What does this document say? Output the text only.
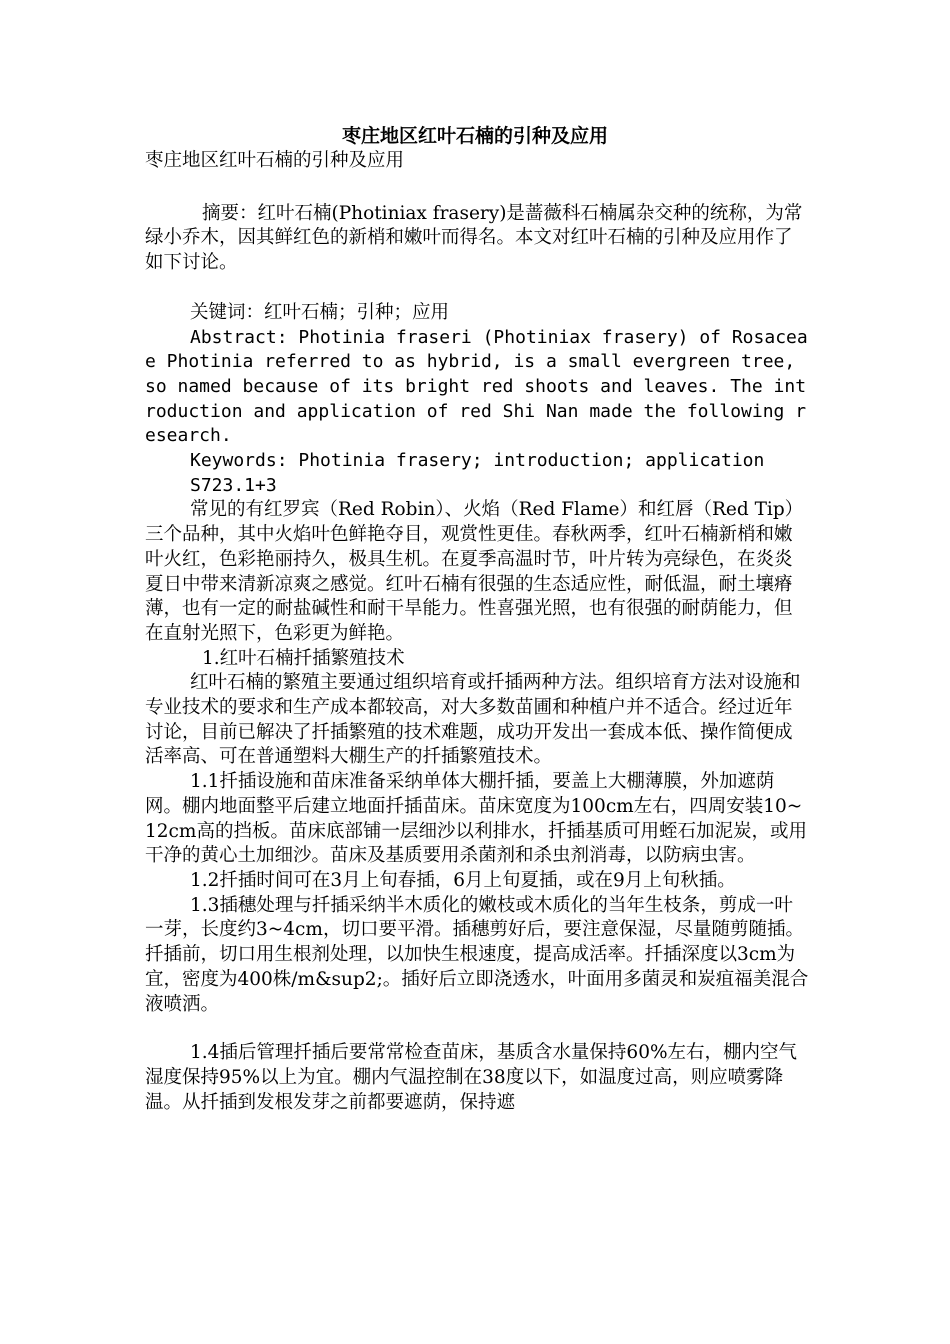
枣庄地区红叶石楠的引种及应用

枣庄地区红叶石楠的引种及应用

摘要：红叶石楠(Photiniax frasery)是蔷薇科石楠属杂交种的统称，为常绿小乔木，因其鲜红色的新梢和嫩叶而得名。本文对红叶石楠的引种及应用作了如下讨论。

关键词：红叶石楠；引种；应用

Abstract: Photinia fraseri (Photiniax frasery) of Rosaceae Photinia referred to as hybrid, is a small evergreen tree, so named because of its bright red shoots and leaves. The introduction and application of red Shi Nan made the following research.

Keywords: Photinia frasery; introduction; application

S723.1+3

常见的有红罗宾（Red Robin）、火焰（Red Flame）和红唇（Red Tip）三个品种，其中火焰叶色鲜艳夺目，观赏性更佳。春秋两季，红叶石楠新梢和嫩叶火红，色彩艳丽持久，极具生机。在夏季高温时节，叶片转为亮绿色，在炎炎夏日中带来清新凉爽之感觉。红叶石楠有很强的生态适应性，耐低温，耐土壤瘠薄，也有一定的耐盐碱性和耐干旱能力。性喜强光照，也有很强的耐荫能力，但在直射光照下，色彩更为鲜艳。

1.红叶石楠扦插繁殖技术

红叶石楠的繁殖主要通过组织培育或扦插两种方法。组织培育方法对设施和专业技术的要求和生产成本都较高，对大多数苗圃和种植户并不适合。经过近年讨论，目前已解决了扦插繁殖的技术难题，成功开发出一套成本低、操作简便成活率高、可在普通塑料大棚生产的扦插繁殖技术。

1.1扦插设施和苗床准备采纳单体大棚扦插，要盖上大棚薄膜，外加遮荫网。棚内地面整平后建立地面扦插苗床。苗床宽度为100cm左右，四周安装10~12cm高的挡板。苗床底部铺一层细沙以利排水，扦插基质可用蛭石加泥炭，或用干净的黄心土加细沙。苗床及基质要用杀菌剂和杀虫剂消毒，以防病虫害。

1.2扦插时间可在3月上旬春插，6月上旬夏插，或在9月上旬秋插。

1.3插穗处理与扦插采纳半木质化的嫩枝或木质化的当年生枝条，剪成一叶一芽，长度约3~4cm，切口要平滑。插穗剪好后，要注意保湿，尽量随剪随插。扦插前，切口用生根剂处理，以加快生根速度，提高成活率。扦插深度以3cm为宜，密度为400株/m&sup2;。插好后立即浇透水，叶面用多菌灵和炭疽福美混合液喷洒。

1.4插后管理扦插后要常常检查苗床，基质含水量保持60%左右，棚内空气湿度保持95%以上为宜。棚内气温控制在38度以下，如温度过高，则应喷雾降温。从扦插到发根发芽之前都要遮荫，保持遮
